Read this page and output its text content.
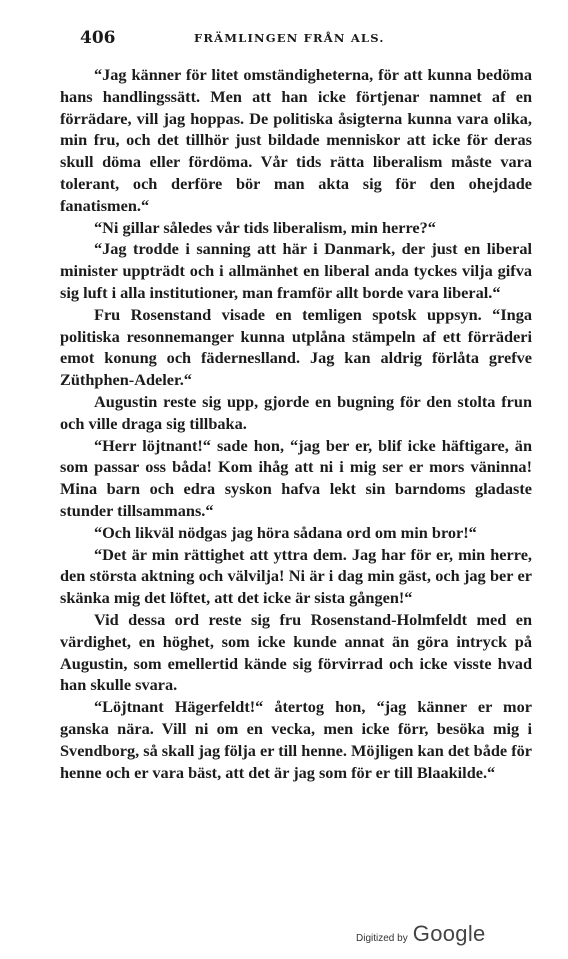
406	FRÄMLINGEN FRÅN ALS.

“Jag känner för litet omständigheterna, för att kunna bedöma hans handlingssätt. Men att han icke förtjenar namnet af en förrädare, vill jag hoppas. De politiska åsigterna kunna vara olika, min fru, och det tillhör just bildade menniskor att icke för deras skull döma eller fördöma. Vår tids rätta liberalism måste vara tolerant, och derföre bör man akta sig för den ohejdade fanatismen.“

“Ni gillar således vår tids liberalism, min herre?“

“Jag trodde i sanning att här i Danmark, der just en liberal minister uppträdt och i allmänhet en liberal anda tyckes vilja gifva sig luft i alla institutioner, man framför allt borde vara liberal.“

Fru Rosenstand visade en temligen spotsk uppsyn. “Inga politiska resonnemanger kunna utplåna stämpeln af ett förräderi emot konung och fäderneslland. Jag kan aldrig förlåta grefve Züthphen-Adeler.“

Augustin reste sig upp, gjorde en bugning för den stolta frun och ville draga sig tillbaka.

“Herr löjtnant!“ sade hon, “jag ber er, blif icke häftigare, än som passar oss båda! Kom ihåg att ni i mig ser er mors väninna! Mina barn och edra syskon hafva lekt sin barndoms gladaste stunder tillsammans.“

“Och likväl nödgas jag höra sådana ord om min bror!“

“Det är min rättighet att yttra dem. Jag har för er, min herre, den största aktning och välvilja! Ni är i dag min gäst, och jag ber er skänka mig det löftet, att det icke är sista gången!“

Vid dessa ord reste sig fru Rosenstand-Holmfeldt med en värdighet, en höghet, som icke kunde annat än göra intryck på Augustin, som emellertid kände sig förvirrad och icke visste hvad han skulle svara.

“Löjtnant Hägerfeldt!“ återtog hon, “jag känner er mor ganska nära. Vill ni om en vecka, men icke förr, besöka mig i Svendborg, så skall jag följa er till henne. Möjligen kan det både för henne och er vara bäst, att det är jag som för er till Blaakilde.“

Digitized by Google
